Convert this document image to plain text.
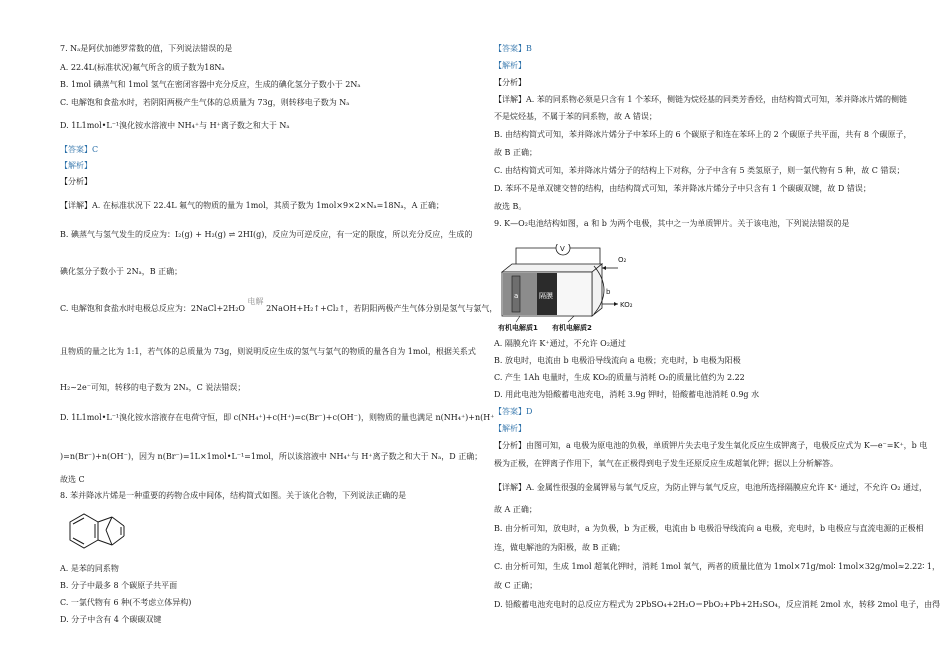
7. Nₐ是阿伏加德罗常数的值，下列说法错误的是
A. 22.4L(标准状况)氟气所含的质子数为18Nₐ
B. 1mol 碘蒸气和 1mol 氢气在密闭容器中充分反应，生成的碘化氢分子数小于 2Nₐ
C. 电解饱和食盐水时，若阴阳两极产生气体的总质量为 73g，则转移电子数为 Nₐ
D. 1L1mol•L⁻¹溴化铵水溶液中 NH₄⁺与 H⁺离子数之和大于 Nₐ
【答案】C
【解析】
【分析】
【详解】A. 在标准状况下 22.4L 氟气的物质的量为 1mol，其质子数为 1mol×9×2×Nₐ=18Nₐ，A 正确；
B. 碘蒸气与氢气发生的反应为：I₂(g) + H₂(g) ⇌ 2HI(g)，反应为可逆反应，有一定的限度，所以充分反应，生成的
碘化氢分子数小于 2Nₐ，B 正确；
C. 电解饱和食盐水时电极总反应为：2NaCl+2H₂O 电解 2NaOH+H₂↑+Cl₂↑，若阴阳两极产生气体分别是氢气与氯气，
且物质的量之比为 1:1，若气体的总质量为 73g，则说明反应生成的氢气与氯气的物质的量各自为 1mol，根据关系式
H₂~2e⁻可知，转移的电子数为 2Nₐ，C 说法错误；
D. 1L1mol•L⁻¹溴化铵水溶液存在电荷守恒，即 c(NH₄⁺)+c(H⁺)=c(Br⁻)+c(OH⁻)，则物质的量也满足 n(NH₄⁺)+n(H⁺
)=n(Br⁻)+n(OH⁻)，因为 n(Br⁻)=1L×1mol•L⁻¹=1mol，所以该溶液中 NH₄⁺与 H⁺离子数之和大于 Nₐ，D 正确；
故选 C
8. 苯并降冰片烯是一种重要的药物合成中间体，结构简式如图。关于该化合物，下列说法正确的是
A. 是苯的同系物
B. 分子中最多 8 个碳原子共平面
C. 一氯代物有 6 种(不考虑立体异构)
D. 分子中含有 4 个碳碳双键
【答案】B
【解析】
【分析】
【详解】A. 苯的同系物必须是只含有 1 个苯环，侧链为烷烃基的同类芳香烃，由结构简式可知，苯并降冰片烯的侧链
不是烷烃基，不属于苯的同系物，故 A 错误；
B. 由结构简式可知，苯并降冰片烯分子中苯环上的 6 个碳原子和连在苯环上的 2 个碳原子共平面，共有 8 个碳原子，
故 B 正确；
C. 由结构简式可知，苯并降冰片烯分子的结构上下对称，分子中含有 5 类氢原子，则一氯代物有 5 种，故 C 错误；
D. 苯环不是单双键交替的结构，由结构简式可知，苯并降冰片烯分子中只含有 1 个碳碳双键，故 D 错误；
故选 B。
9. K—O₂电池结构如图，a 和 b 为两个电极，其中之一为单质钾片。关于该电池，下列说法错误的是
V
a	隔膜	b
O₂
KO₂
有机电解质1 有机电解质2
A. 隔膜允许 K⁺通过，不允许 O₂通过
B. 放电时，电流由 b 电极沿导线流向 a 电极；充电时，b 电极为阳极
C. 产生 1Ah 电量时，生成 KO₂的质量与消耗 O₂的质量比值约为 2.22
D. 用此电池为铅酸蓄电池充电，消耗 3.9g 钾时，铅酸蓄电池消耗 0.9g 水
【答案】D
【解析】
【分析】由图可知，a 电极为原电池的负极，单质钾片失去电子发生氧化反应生成钾离子，电极反应式为 K—e⁻=K⁺，b 电
极为正极，在钾离子作用下，氧气在正极得到电子发生还原反应生成超氧化钾；据以上分析解答。
【详解】A. 金属性很强的金属钾易与氧气反应，为防止钾与氧气反应，电池所选择隔膜应允许 K⁺ 通过，不允许 O₂ 通过，
故 A 正确；
B. 由分析可知，放电时，a 为负极，b 为正极，电流由 b 电极沿导线流向 a 电极，充电时，b 电极应与直流电源的正极相
连，做电解池的为阳极，故 B 正确；
C. 由分析可知，生成 1mol 超氧化钾时，消耗 1mol 氧气，两者的质量比值为 1mol×71g/mol∶ 1mol×32g/mol≈2.22∶ 1，
故 C 正确；
D. 铅酸蓄电池充电时的总反应方程式为 2PbSO₄+2H₂O＝PbO₂+Pb+2H₂SO₄，反应消耗 2mol 水，转移 2mol 电子，由得
